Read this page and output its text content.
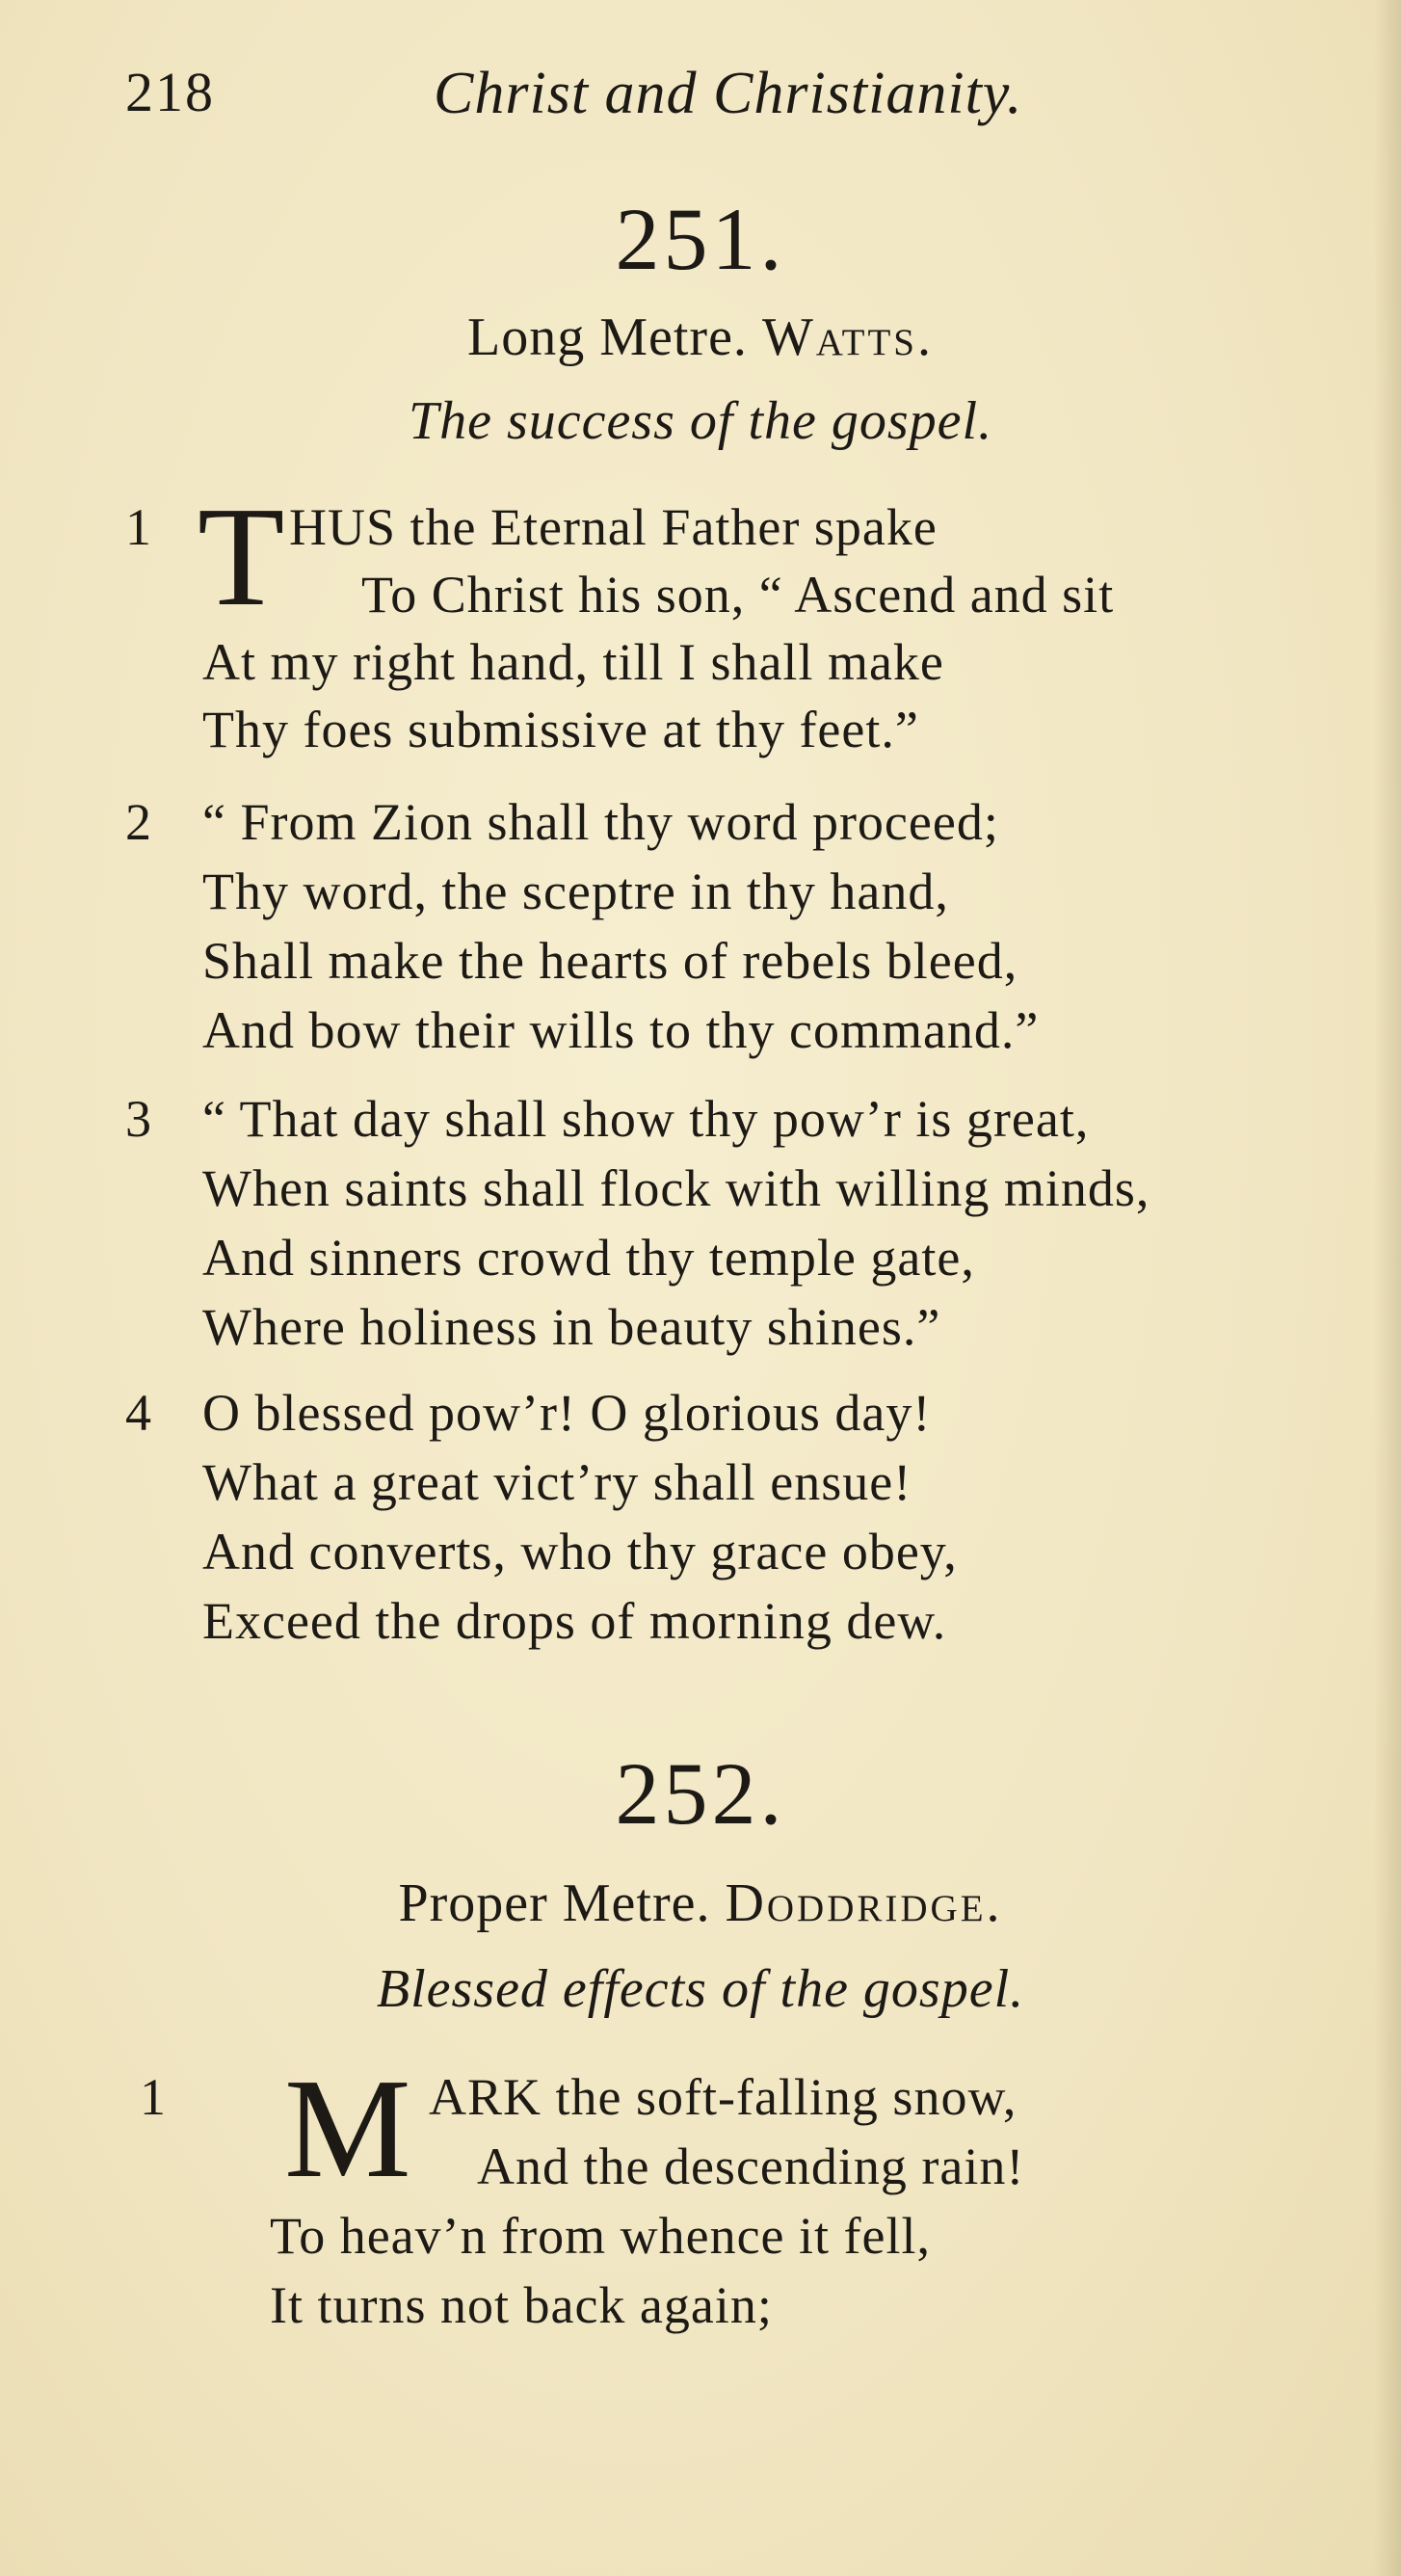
218	Christ and Christianity.
251.
Long Metre. Watts.
The success of the gospel.
1 T HUS the Eternal Father spake
To Christ his son, “ Ascend and sit
At my right hand, till I shall make
Thy foes submissive at thy feet.”
2 “ From Zion shall thy word proceed;
Thy word, the sceptre in thy hand,
Shall make the hearts of rebels bleed,
And bow their wills to thy command.”
3 “ That day shall show thy pow’r is great,
When saints shall flock with willing minds,
And sinners crowd thy temple gate,
Where holiness in beauty shines.”
4 O blessed pow’r! O glorious day!
What a great vict’ry shall ensue!
And converts, who thy grace obey,
Exceed the drops of morning dew.
252.
Proper Metre. Doddridge.
Blessed effects of the gospel.
1 M ARK the soft-falling snow,
And the descending rain!
To heav’n from whence it fell,
It turns not back again;
